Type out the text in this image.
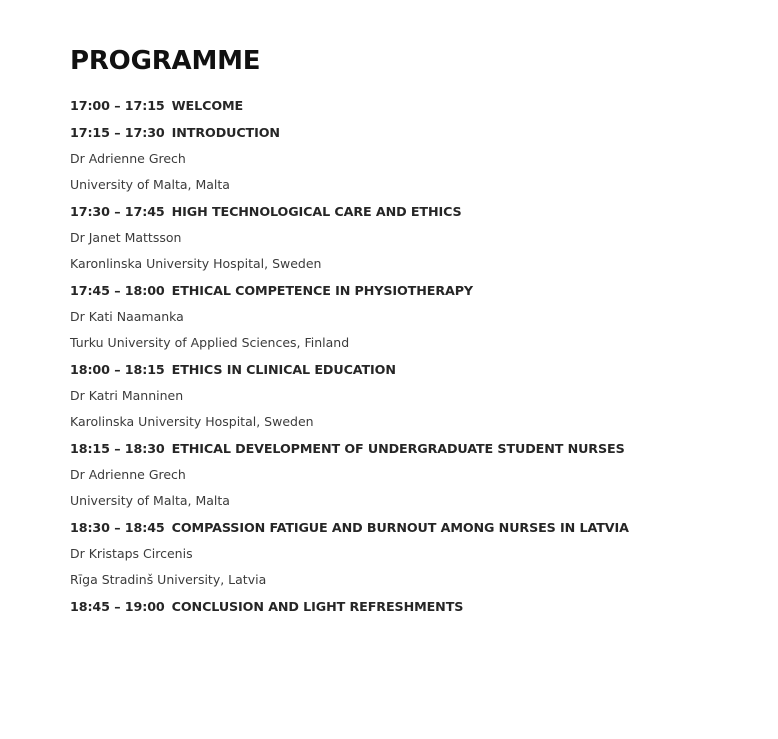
PROGRAMME
17:00 – 17:15 WELCOME
17:15 – 17:30 INTRODUCTION
Dr Adrienne Grech
University of Malta, Malta
17:30 – 17:45 HIGH TECHNOLOGICAL CARE AND ETHICS
Dr Janet Mattsson
Karonlinska University Hospital, Sweden
17:45 – 18:00 ETHICAL COMPETENCE IN PHYSIOTHERAPY
Dr Kati Naamanka
Turku University of Applied Sciences, Finland
18:00 – 18:15 ETHICS IN CLINICAL EDUCATION
Dr Katri Manninen
Karolinska University Hospital, Sweden
18:15 – 18:30 ETHICAL DEVELOPMENT OF UNDERGRADUATE STUDENT NURSES
Dr Adrienne Grech
University of Malta, Malta
18:30 – 18:45 COMPASSION FATIGUE AND BURNOUT AMONG NURSES IN LATVIA
Dr Kristaps Circenis
Rīga Stradinš University, Latvia
18:45 – 19:00 CONCLUSION AND LIGHT REFRESHMENTS
